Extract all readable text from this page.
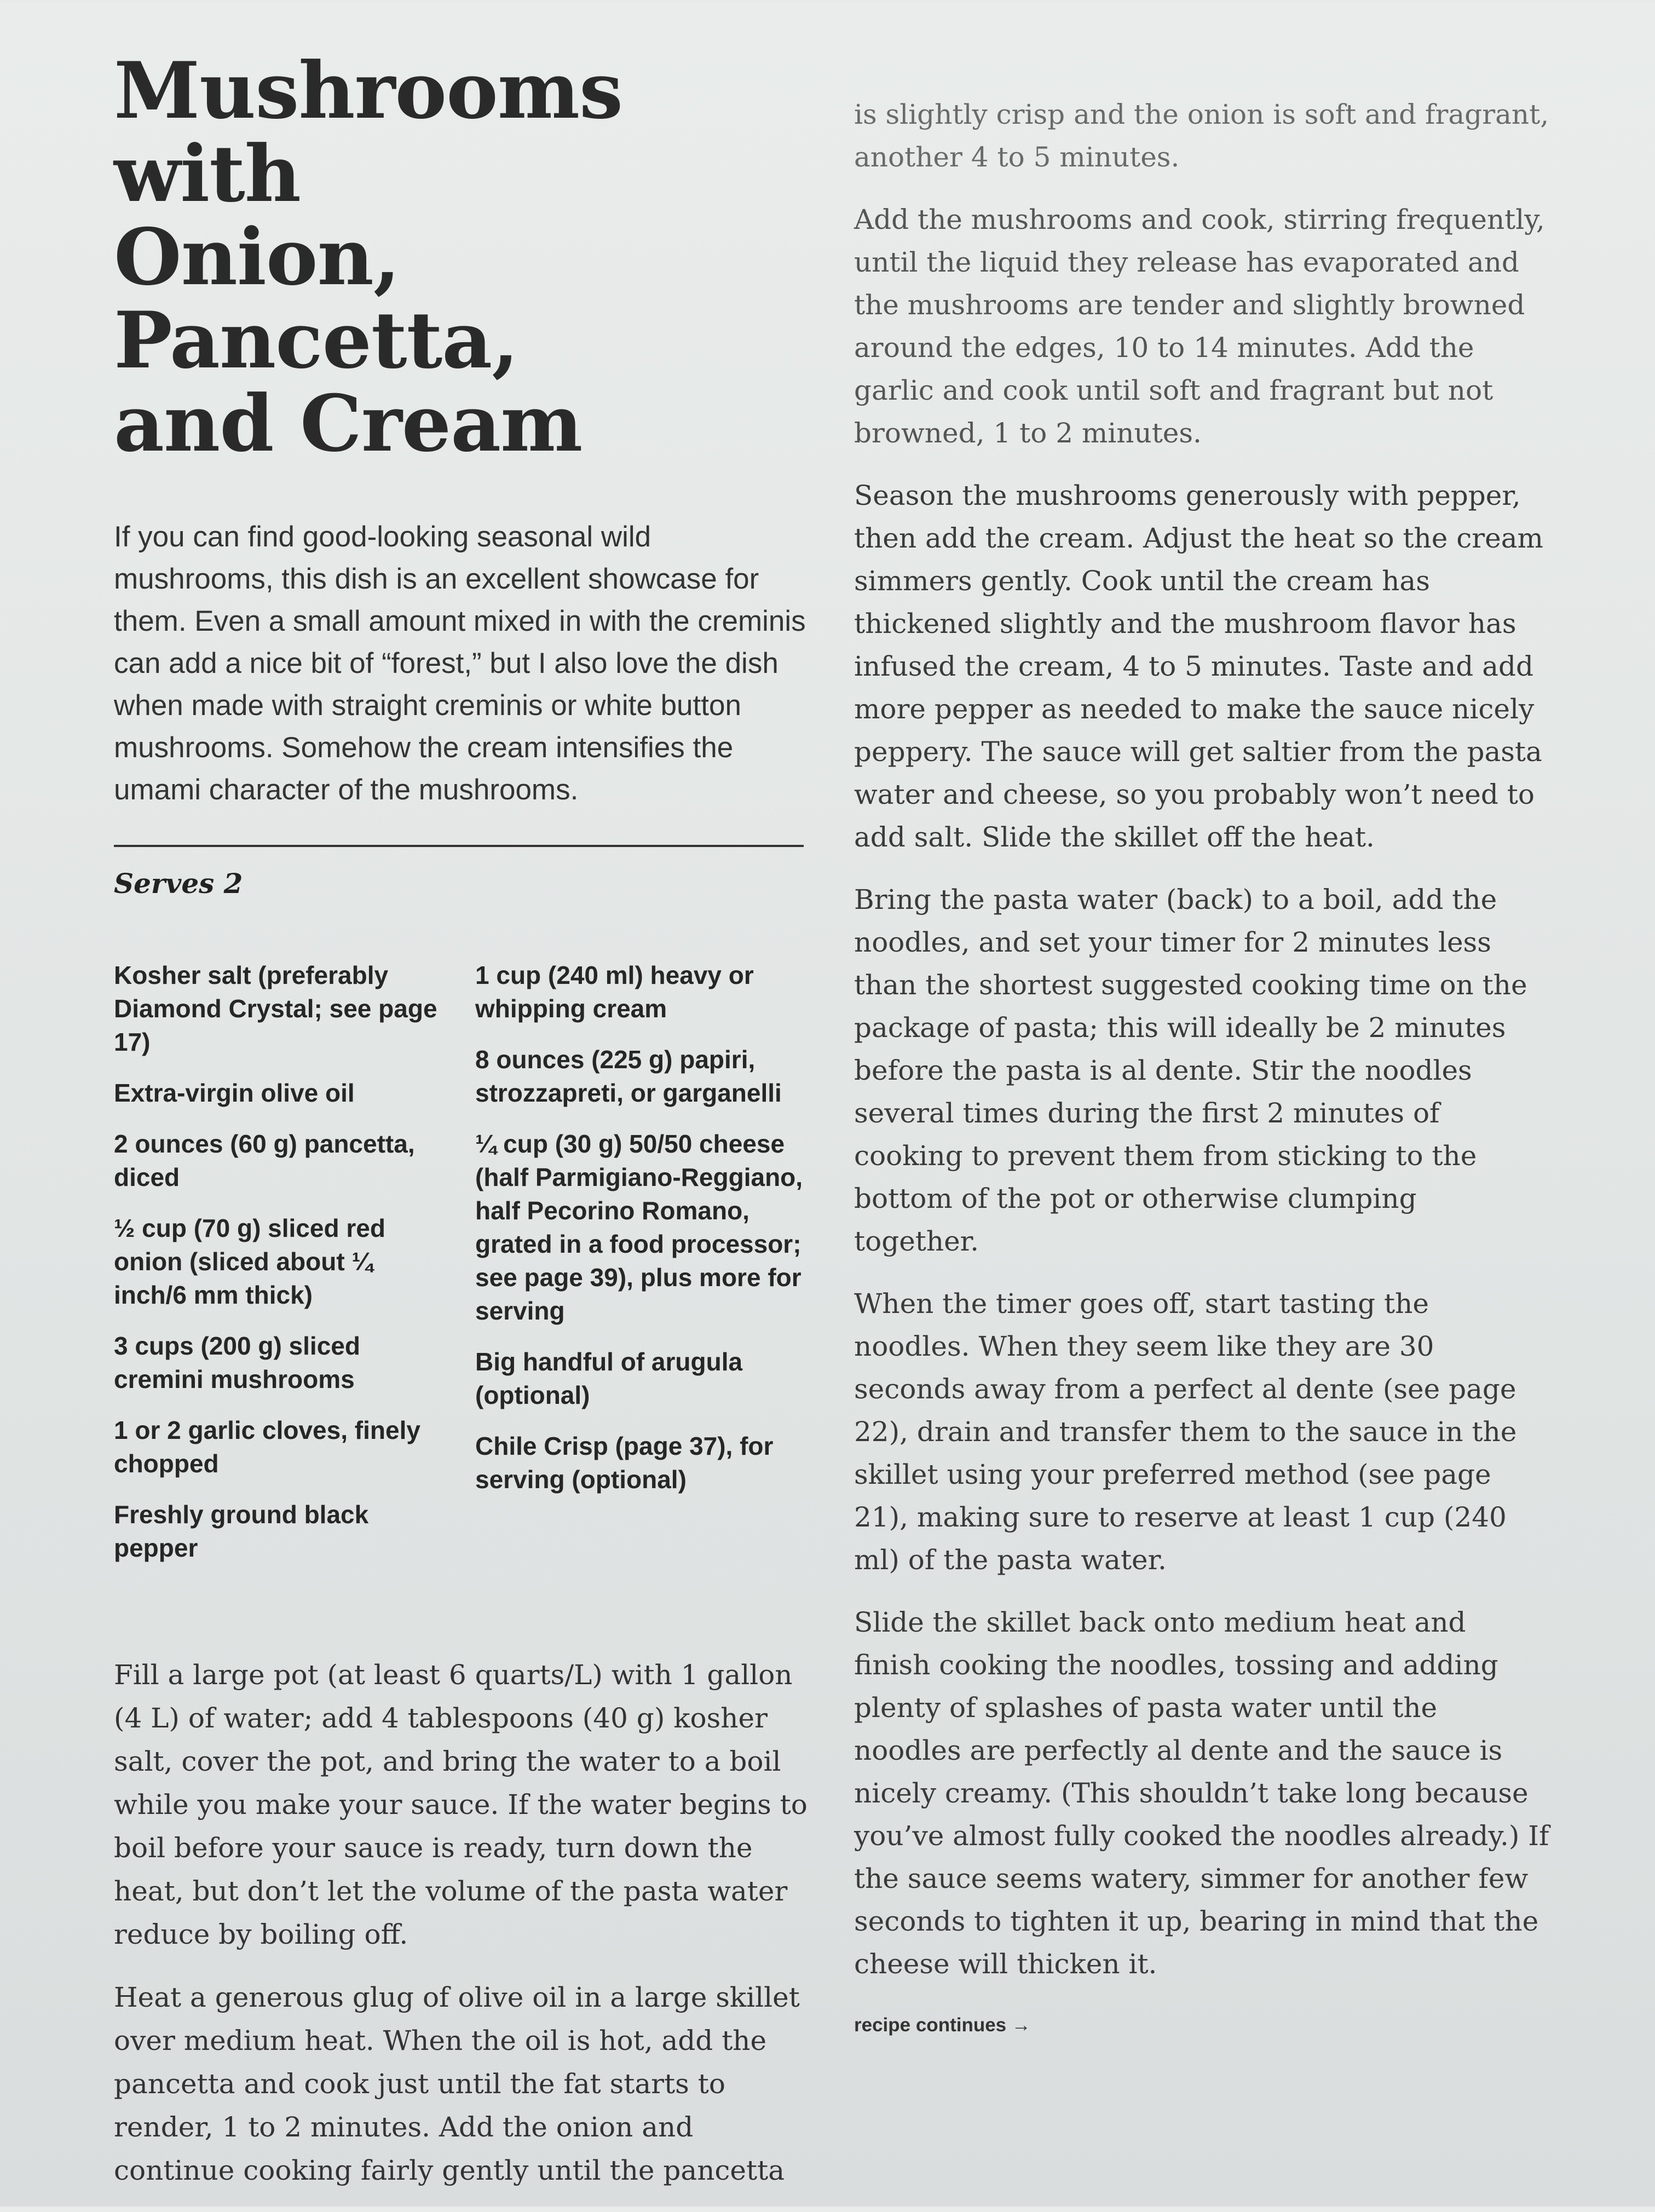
Mushrooms with
Onion, Pancetta,
and Cream

If you can find good-looking seasonal wild mushrooms, this dish is an excellent showcase for them. Even a small amount mixed in with the creminis can add a nice bit of “forest,” but I also love the dish when made with straight creminis or white button mushrooms. Somehow the cream intensifies the umami character of the mushrooms.

Serves 2

Kosher salt (preferably Diamond Crystal; see page 17)

Extra-virgin olive oil

2 ounces (60 g) pancetta, diced

½ cup (70 g) sliced red onion (sliced about ¼ inch/6 mm thick)

3 cups (200 g) sliced cremini mushrooms

1 or 2 garlic cloves, finely chopped

Freshly ground black pepper

1 cup (240 ml) heavy or whipping cream

8 ounces (225 g) papiri, strozzapreti, or garganelli

¼ cup (30 g) 50/50 cheese (half Parmigiano-Reggiano, half Pecorino Romano, grated in a food processor; see page 39), plus more for serving

Big handful of arugula (optional)

Chile Crisp (page 37), for serving (optional)

Fill a large pot (at least 6 quarts/L) with 1 gallon (4 L) of water; add 4 tablespoons (40 g) kosher salt, cover the pot, and bring the water to a boil while you make your sauce. If the water begins to boil before your sauce is ready, turn down the heat, but don’t let the volume of the pasta water reduce by boiling off.

Heat a generous glug of olive oil in a large skillet over medium heat. When the oil is hot, add the pancetta and cook just until the fat starts to render, 1 to 2 minutes. Add the onion and continue cooking fairly gently until the pancetta

is slightly crisp and the onion is soft and fragrant, another 4 to 5 minutes.

Add the mushrooms and cook, stirring frequently, until the liquid they release has evaporated and the mushrooms are tender and slightly browned around the edges, 10 to 14 minutes. Add the garlic and cook until soft and fragrant but not browned, 1 to 2 minutes.

Season the mushrooms generously with pepper, then add the cream. Adjust the heat so the cream simmers gently. Cook until the cream has thickened slightly and the mushroom flavor has infused the cream, 4 to 5 minutes. Taste and add more pepper as needed to make the sauce nicely peppery. The sauce will get saltier from the pasta water and cheese, so you probably won’t need to add salt. Slide the skillet off the heat.

Bring the pasta water (back) to a boil, add the noodles, and set your timer for 2 minutes less than the shortest suggested cooking time on the package of pasta; this will ideally be 2 minutes before the pasta is al dente. Stir the noodles several times during the first 2 minutes of cooking to prevent them from sticking to the bottom of the pot or otherwise clumping together.

When the timer goes off, start tasting the noodles. When they seem like they are 30 seconds away from a perfect al dente (see page 22), drain and transfer them to the sauce in the skillet using your preferred method (see page 21), making sure to reserve at least 1 cup (240 ml) of the pasta water.

Slide the skillet back onto medium heat and finish cooking the noodles, tossing and adding plenty of splashes of pasta water until the noodles are perfectly al dente and the sauce is nicely creamy. (This shouldn’t take long because you’ve almost fully cooked the noodles already.) If the sauce seems watery, simmer for another few seconds to tighten it up, bearing in mind that the cheese will thicken it.

recipe continues →
